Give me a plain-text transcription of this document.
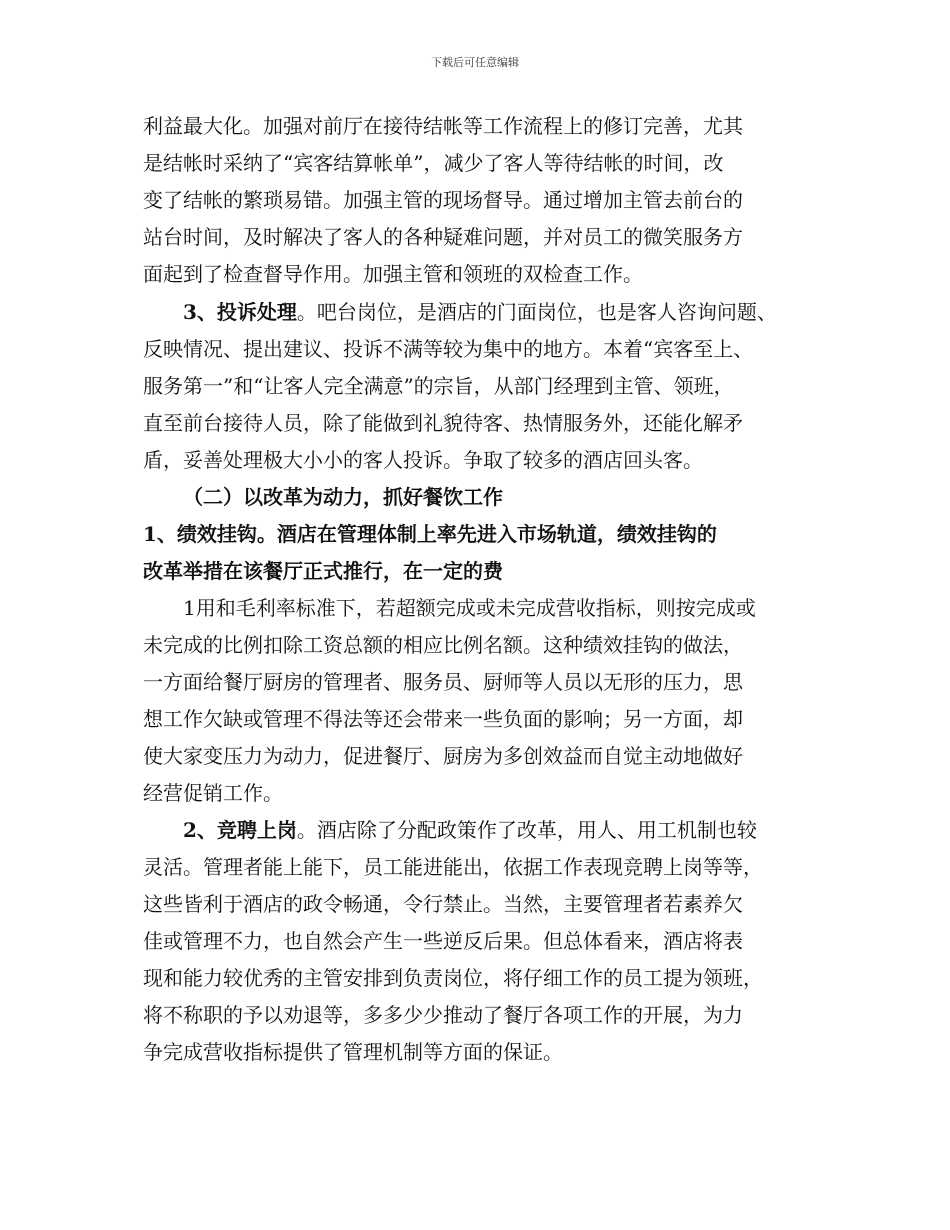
下载后可任意编辑
利益最大化。加强对前厅在接待结帐等工作流程上的修订完善，尤其
是结帐时采纳了“宾客结算帐单”，减少了客人等待结帐的时间，改
变了结帐的繁琐易错。加强主管的现场督导。通过增加主管去前台的
站台时间，及时解决了客人的各种疑难问题，并对员工的微笑服务方
面起到了检查督导作用。加强主管和领班的双检查工作。
3、投诉处理。吧台岗位，是酒店的门面岗位，也是客人咨询问题、
反映情况、提出建议、投诉不满等较为集中的地方。本着“宾客至上、
服务第一”和“让客人完全满意”的宗旨，从部门经理到主管、领班，
直至前台接待人员，除了能做到礼貌待客、热情服务外，还能化解矛
盾，妥善处理极大小小的客人投诉。争取了较多的酒店回头客。
（二）以改革为动力，抓好餐饮工作
1、绩效挂钩。酒店在管理体制上率先进入市场轨道，绩效挂钩的
改革举措在该餐厅正式推行，在一定的费
1用和毛利率标准下，若超额完成或未完成营收指标，则按完成或
未完成的比例扣除工资总额的相应比例名额。这种绩效挂钩的做法，
一方面给餐厅厨房的管理者、服务员、厨师等人员以无形的压力，思
想工作欠缺或管理不得法等还会带来一些负面的影响；另一方面，却
使大家变压力为动力，促进餐厅、厨房为多创效益而自觉主动地做好
经营促销工作。
2、竞聘上岗。酒店除了分配政策作了改革，用人、用工机制也较
灵活。管理者能上能下，员工能进能出，依据工作表现竞聘上岗等等，
这些皆利于酒店的政令畅通，令行禁止。当然，主要管理者若素养欠
佳或管理不力，也自然会产生一些逆反后果。但总体看来，酒店将表
现和能力较优秀的主管安排到负责岗位，将仔细工作的员工提为领班，
将不称职的予以劝退等，多多少少推动了餐厅各项工作的开展，为力
争完成营收指标提供了管理机制等方面的保证。
